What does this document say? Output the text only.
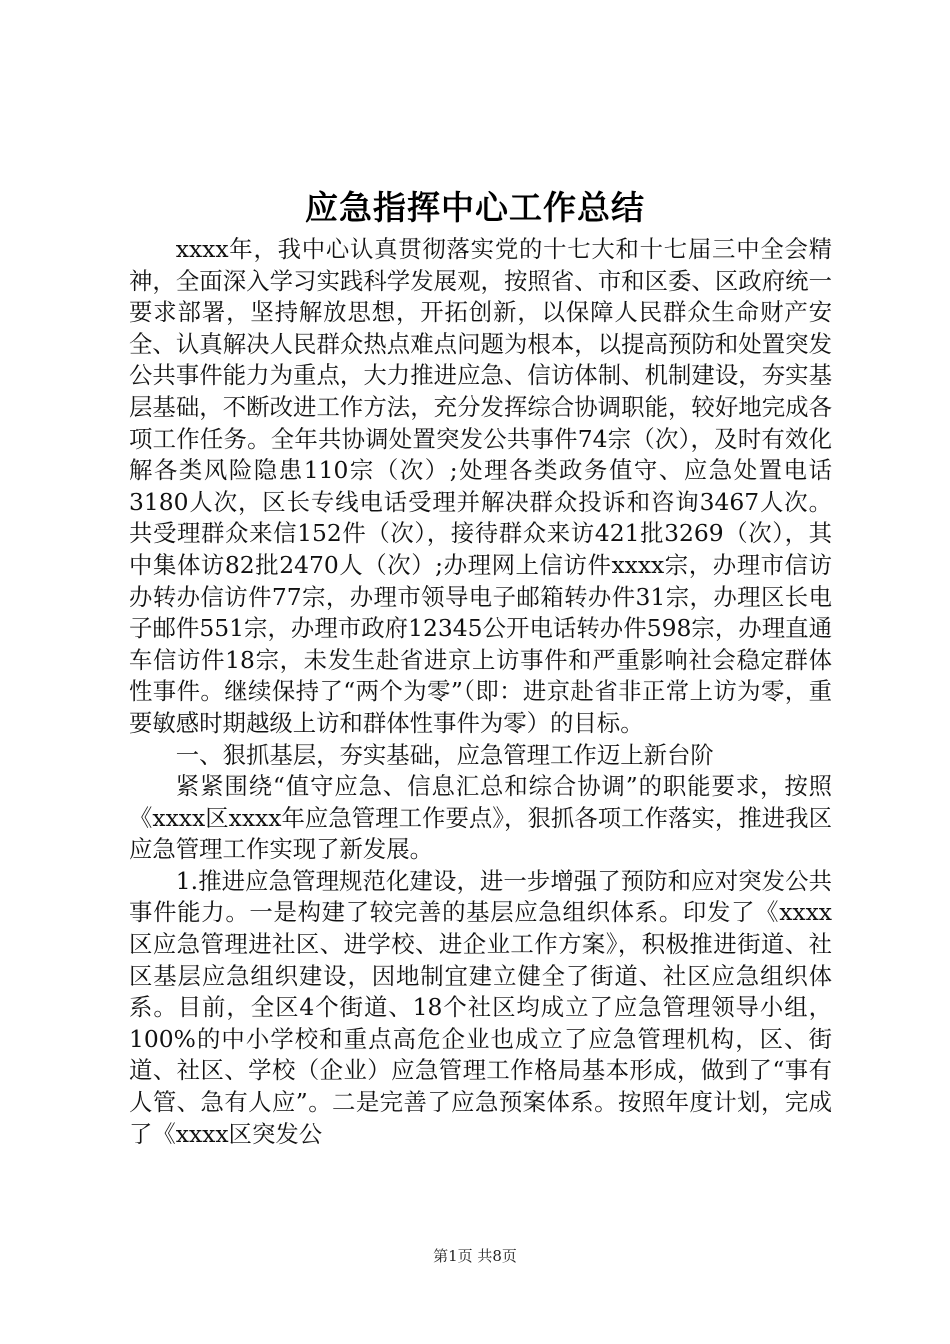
应急指挥中心工作总结

xxxx年，我中心认真贯彻落实党的十七大和十七届三中全会精神，全面深入学习实践科学发展观，按照省、市和区委、区政府统一要求部署，坚持解放思想，开拓创新，以保障人民群众生命财产安全、认真解决人民群众热点难点问题为根本，以提高预防和处置突发公共事件能力为重点，大力推进应急、信访体制、机制建设，夯实基层基础，不断改进工作方法，充分发挥综合协调职能，较好地完成各项工作任务。全年共协调处置突发公共事件74宗（次），及时有效化解各类风险隐患110宗（次）;处理各类政务值守、应急处置电话3180人次，区长专线电话受理并解决群众投诉和咨询3467人次。共受理群众来信152件（次），接待群众来访421批3269（次），其中集体访82批2470人（次）;办理网上信访件xxxx宗，办理市信访办转办信访件77宗，办理市领导电子邮箱转办件31宗，办理区长电子邮件551宗，办理市政府12345公开电话转办件598宗，办理直通车信访件18宗，未发生赴省进京上访事件和严重影响社会稳定群体性事件。继续保持了“两个为零”（即：进京赴省非正常上访为零，重要敏感时期越级上访和群体性事件为零）的目标。

一、狠抓基层，夯实基础，应急管理工作迈上新台阶

紧紧围绕“值守应急、信息汇总和综合协调”的职能要求，按照《xxxx区xxxx年应急管理工作要点》，狠抓各项工作落实，推进我区应急管理工作实现了新发展。

1.推进应急管理规范化建设，进一步增强了预防和应对突发公共事件能力。一是构建了较完善的基层应急组织体系。印发了《xxxx区应急管理进社区、进学校、进企业工作方案》，积极推进街道、社区基层应急组织建设，因地制宜建立健全了街道、社区应急组织体系。目前，全区4个街道、18个社区均成立了应急管理领导小组，100%的中小学校和重点高危企业也成立了应急管理机构，区、街道、社区、学校（企业）应急管理工作格局基本形成，做到了“事有人管、急有人应”。二是完善了应急预案体系。按照年度计划，完成了《xxxx区突发公

第1页 共8页
